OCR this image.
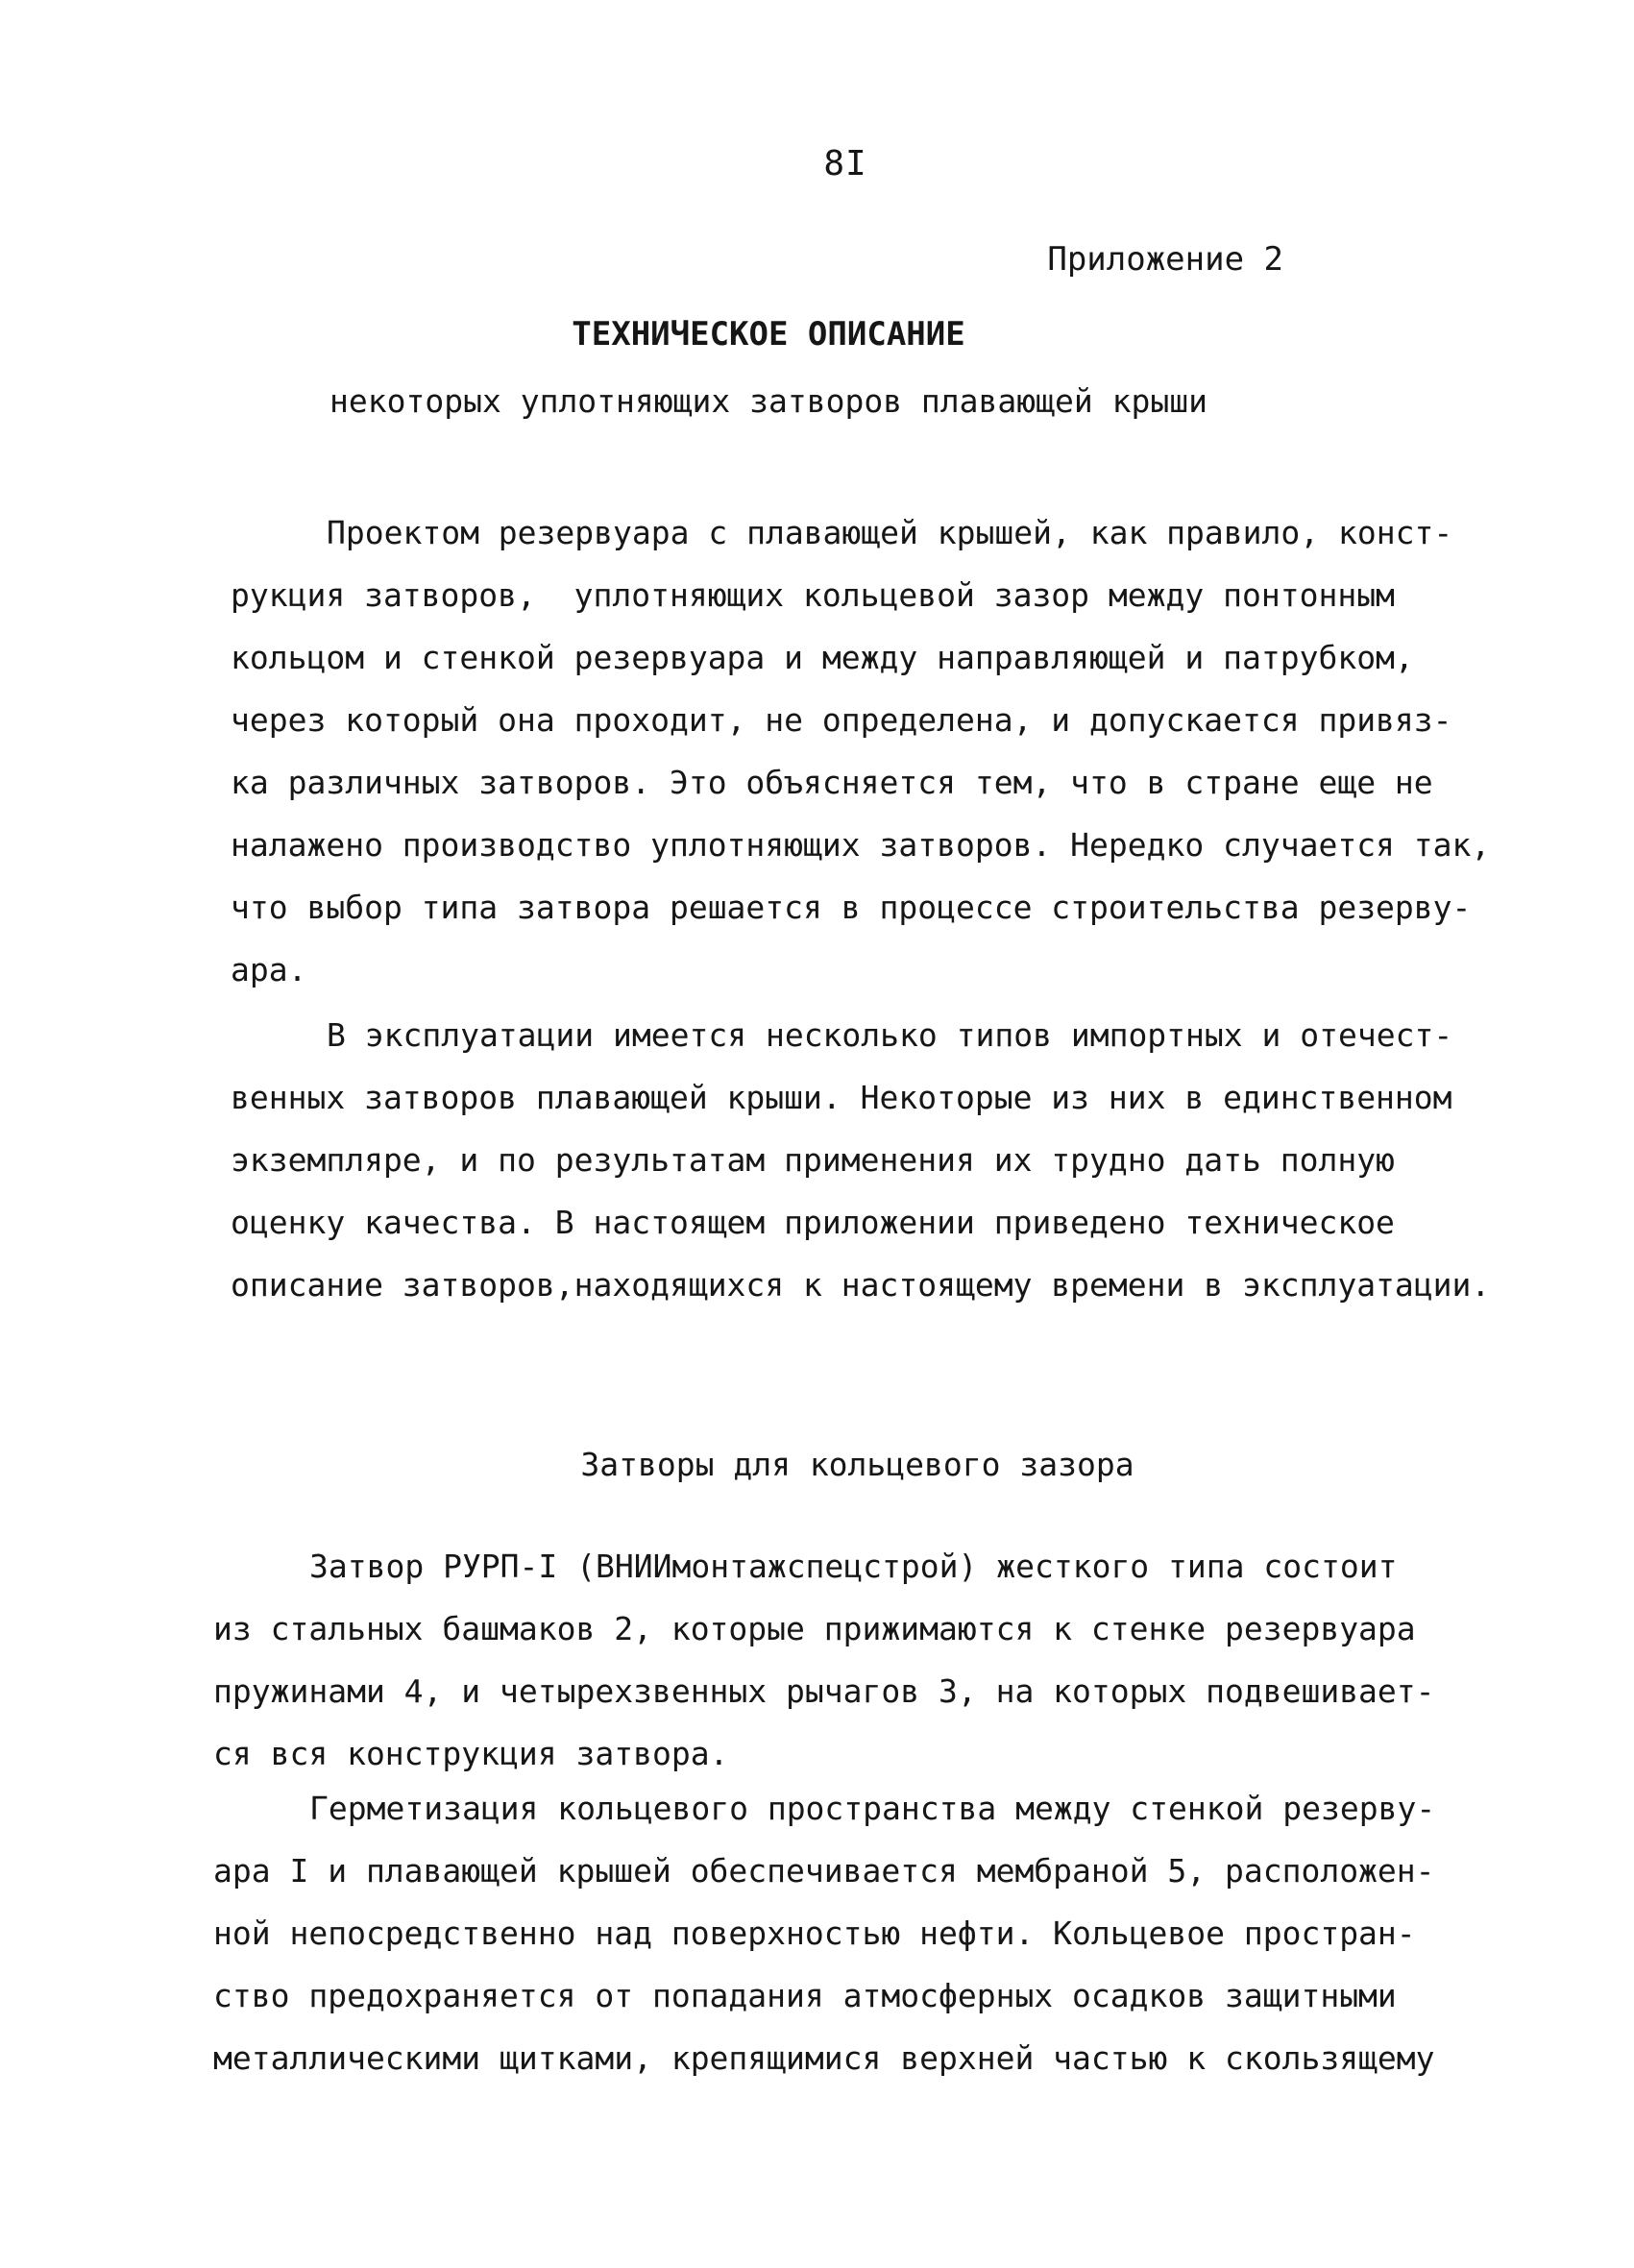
8I
Приложение 2
ТЕХНИЧЕСКОЕ ОПИСАНИЕ
некоторых уплотняющих затворов плавающей крыши
Проектом резервуара с плавающей крышей, как правило, конст-
рукция затворов,  уплотняющих кольцевой зазор между понтонным
кольцом и стенкой резервуара и между направляющей и патрубком,
через который она проходит, не определена, и допускается привяз-
ка различных затворов. Это объясняется тем, что в стране еще не
налажено производство уплотняющих затворов. Нередко случается так,
что выбор типа затвора решается в процессе строительства резерву-
ара.
В эксплуатации имеется несколько типов импортных и отечест-
венных затворов плавающей крыши. Некоторые из них в единственном
экземпляре, и по результатам применения их трудно дать полную
оценку качества. В настоящем приложении приведено техническое
описание затворов,находящихся к настоящему времени в эксплуатации.
Затворы для кольцевого зазора
Затвор РУРП-I (ВНИИмонтажспецстрой) жесткого типа состоит
из стальных башмаков 2, которые прижимаются к стенке резервуара
пружинами 4, и четырехзвенных рычагов 3, на которых подвешивает-
ся вся конструкция затвора.
Герметизация кольцевого пространства между стенкой резерву-
ара I и плавающей крышей обеспечивается мембраной 5, расположен-
ной непосредственно над поверхностью нефти. Кольцевое простран-
ство предохраняется от попадания атмосферных осадков защитными
металлическими щитками, крепящимися верхней частью к скользящему
